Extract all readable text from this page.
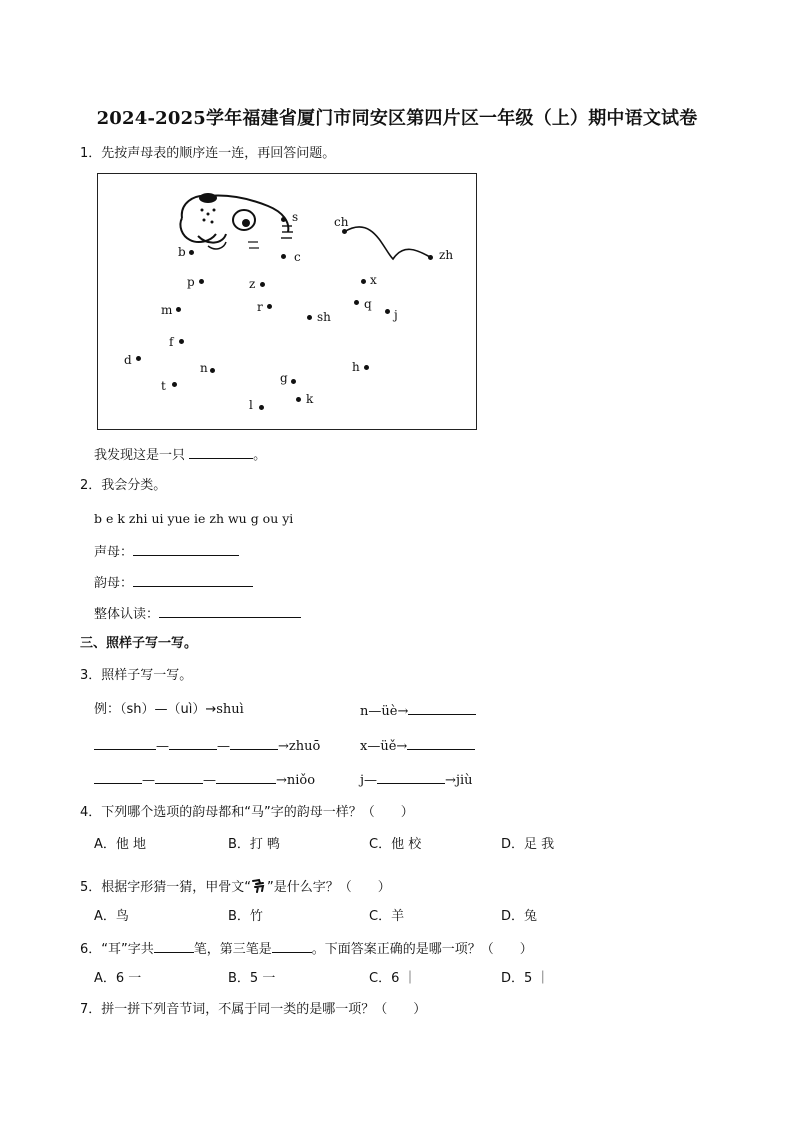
2024-2025学年福建省厦门市同安区第四片区一年级（上）期中语文试卷
1．先按声母表的顺序连一连，再回答问题。
s
c
b
ch
zh
p	z	x
q
j
m	r
sh
f
d
n	h
t
g
k
l
我发现这是一只	。
2．我会分类。
b e k zhi ui yue ie zh wu g ou yi
声母：
韵母：
整体认读：
三、照样子写一写。
3．照样子写一写。
例：（sh）—（uì）→shuì	n—üè→
—	—	→zhuō	x—üě→
—	—	→niǒo	j—	→jiù
4．下列哪个选项的韵母都和“马”字的韵母一样？（　　）
A．他 地	B．打 鸭	C．他 校	D．足 我
5．根据字形猜一猜，甲骨文“ ”是什么字？（　　）
A．鸟	B．竹	C．羊	D．兔
6．“耳”字共	笔，第三笔是	。下面答案正确的是哪一项？（　　）
A．6 一	B．5 一	C．6 ｜	D．5 ｜
7．拼一拼下列音节词，不属于同一类的是哪一项？（　　）
